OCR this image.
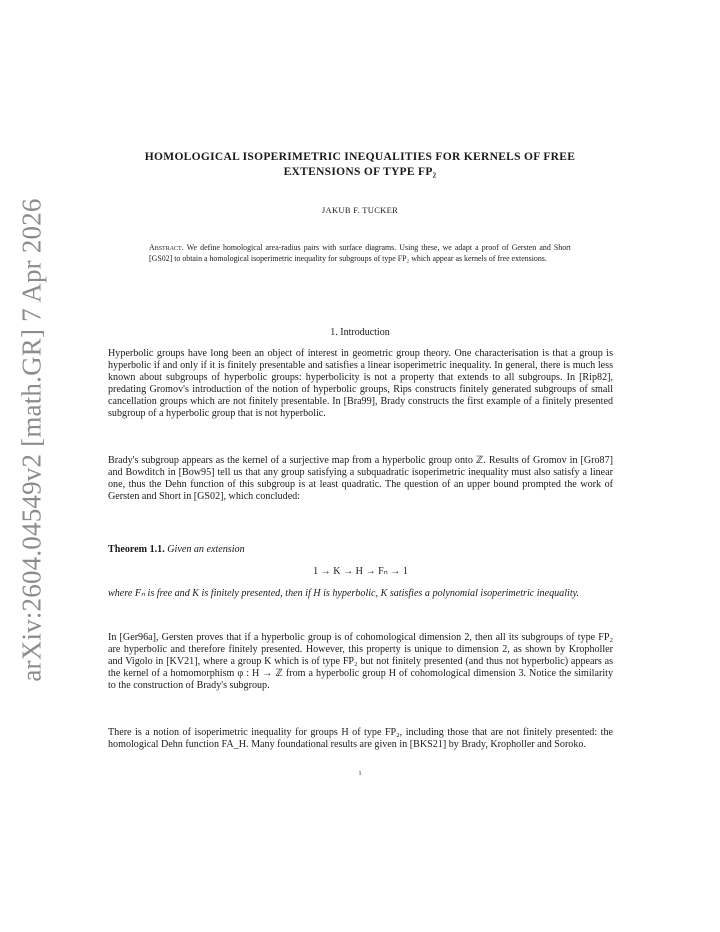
arXiv:2604.04549v2 [math.GR] 7 Apr 2026
HOMOLOGICAL ISOPERIMETRIC INEQUALITIES FOR KERNELS OF FREE
EXTENSIONS OF TYPE FP₂
JAKUB F. TUCKER
Abstract. We define homological area-radius pairs with surface diagrams. Using these, we adapt a proof of Gersten and Short [GS02] to obtain a homological isoperimetric inequality for subgroups of type FP₂ which appear as kernels of free extensions.
1. Introduction
Hyperbolic groups have long been an object of interest in geometric group theory. One characterisation is that a group is hyperbolic if and only if it is finitely presentable and satisfies a linear isoperimetric inequality. In general, there is much less known about subgroups of hyperbolic groups: hyperbolicity is not a property that extends to all subgroups. In [Rip82], predating Gromov's introduction of the notion of hyperbolic groups, Rips constructs finitely generated subgroups of small cancellation groups which are not finitely presentable. In [Bra99], Brady constructs the first example of a finitely presented subgroup of a hyperbolic group that is not hyperbolic.
Brady's subgroup appears as the kernel of a surjective map from a hyperbolic group onto ℤ. Results of Gromov in [Gro87] and Bowditch in [Bow95] tell us that any group satisfying a subquadratic isoperimetric inequality must also satisfy a linear one, thus the Dehn function of this subgroup is at least quadratic. The question of an upper bound prompted the work of Gersten and Short in [GS02], which concluded:
Theorem 1.1. Given an extension
1 → K → H → Fₙ → 1
where Fₙ is free and K is finitely presented, then if H is hyperbolic, K satisfies a polynomial isoperimetric inequality.
In [Ger96a], Gersten proves that if a hyperbolic group is of cohomological dimension 2, then all its subgroups of type FP₂ are hyperbolic and therefore finitely presented. However, this property is unique to dimension 2, as shown by Kropholler and Vigolo in [KV21], where a group K which is of type FP₂ but not finitely presented (and thus not hyperbolic) appears as the kernel of a homomorphism φ : H → ℤ from a hyperbolic group H of cohomological dimension 3. Notice the similarity to the construction of Brady's subgroup.
There is a notion of isoperimetric inequality for groups H of type FP₂, including those that are not finitely presented: the homological Dehn function FA_H. Many foundational results are given in [BKS21] by Brady, Kropholler and Soroko.
1
